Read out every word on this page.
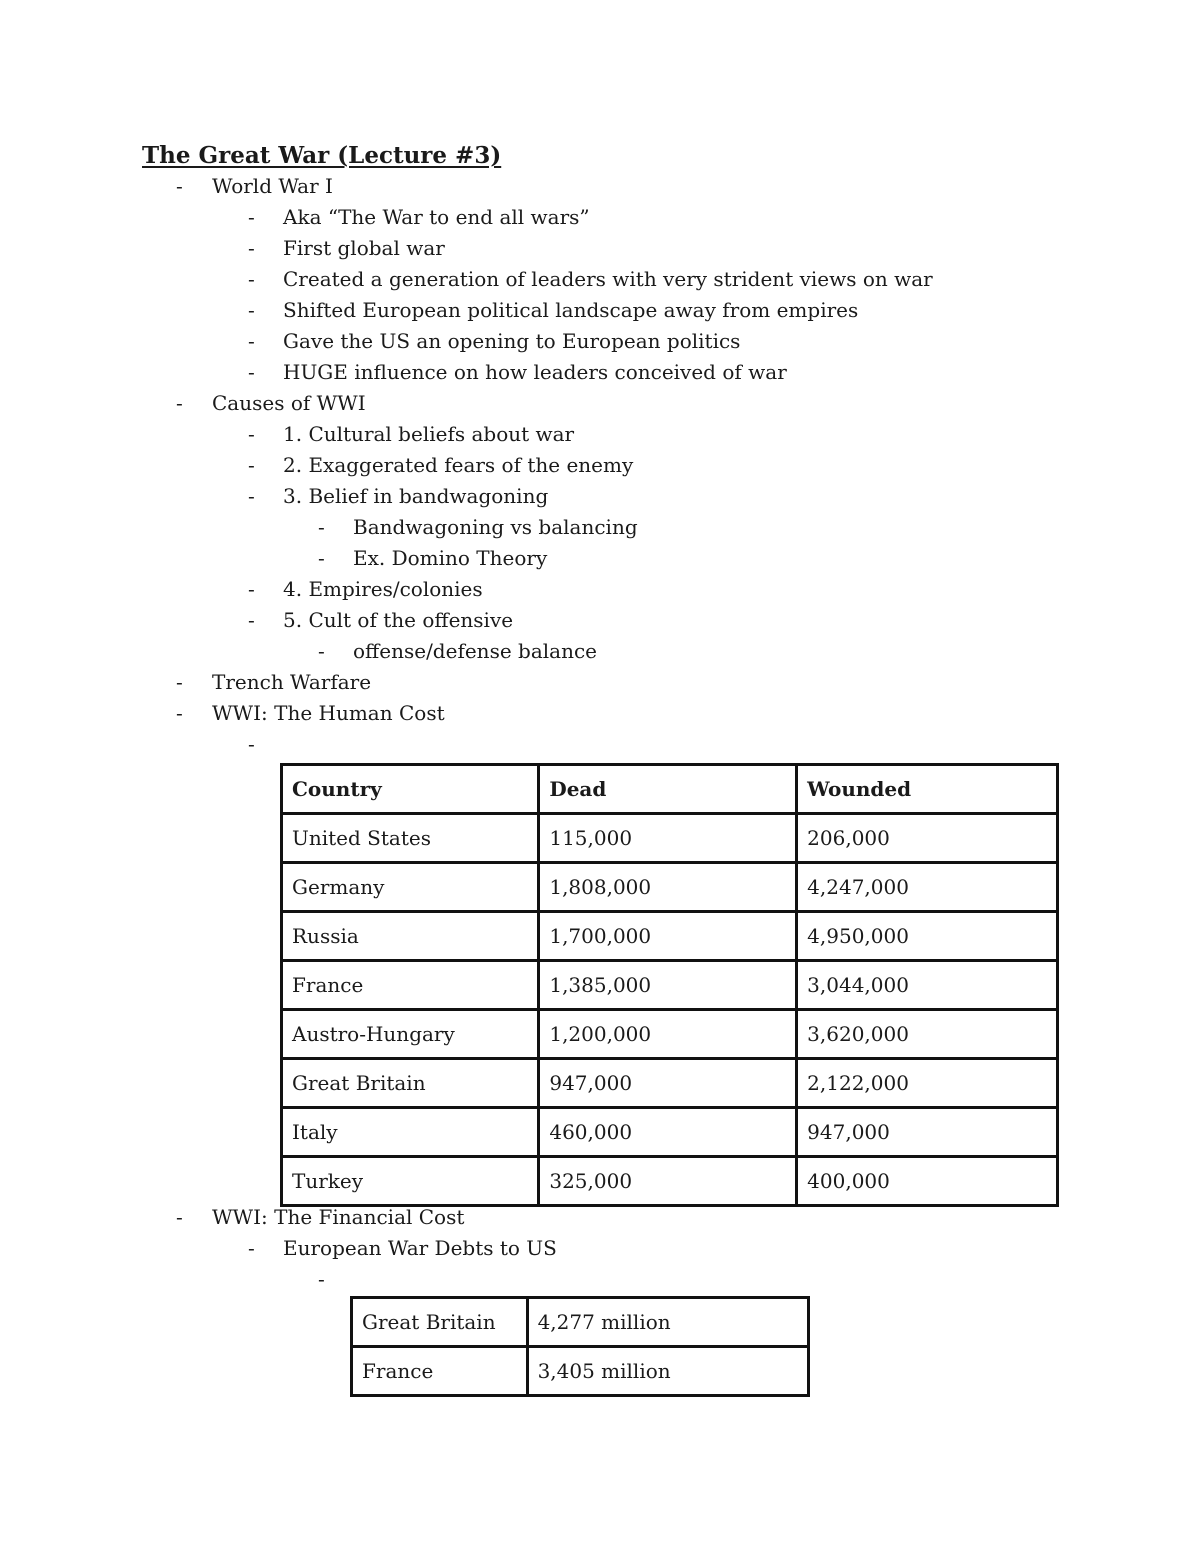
The Great War (Lecture #3)
- World War I
- Aka “The War to end all wars”
- First global war
- Created a generation of leaders with very strident views on war
- Shifted European political landscape away from empires
- Gave the US an opening to European politics
- HUGE influence on how leaders conceived of war
- Causes of WWI
- 1. Cultural beliefs about war
- 2. Exaggerated fears of the enemy
- 3. Belief in bandwagoning
- Bandwagoning vs balancing
- Ex. Domino Theory
- 4. Empires/colonies
- 5. Cult of the offensive
- offense/defense balance
- Trench Warfare
- WWI: The Human Cost
-
Country	Dead	Wounded
United States	115,000	206,000
Germany	1,808,000	4,247,000
Russia	1,700,000	4,950,000
France	1,385,000	3,044,000
Austro-Hungary	1,200,000	3,620,000
Great Britain	947,000	2,122,000
Italy	460,000	947,000
Turkey	325,000	400,000
- WWI: The Financial Cost
- European War Debts to US
-
Great Britain	4,277 million
France	3,405 million
